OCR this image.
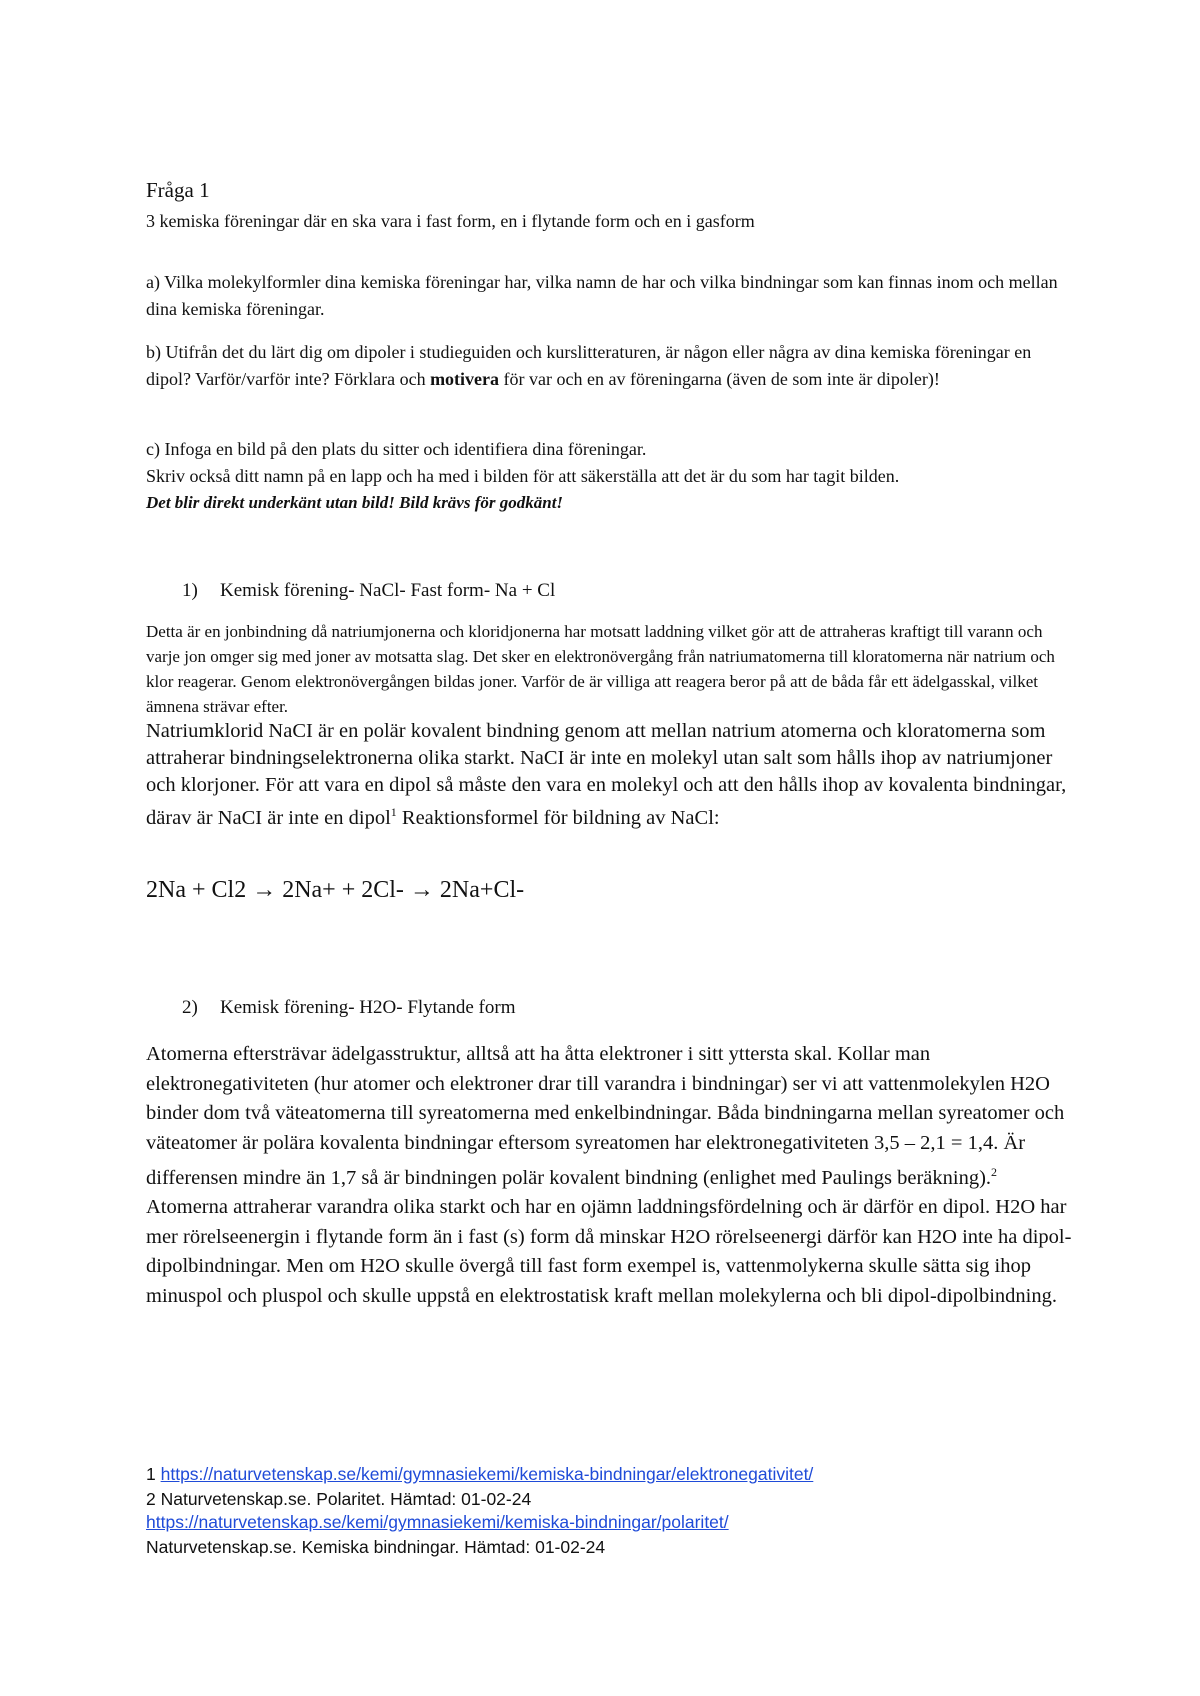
Fråga 1

3 kemiska föreningar där en ska vara i fast form, en i flytande form och en i gasform

a) Vilka molekylformler dina kemiska föreningar har, vilka namn de har och vilka bindningar som kan finnas inom och mellan dina kemiska föreningar.

b) Utifrån det du lärt dig om dipoler i studieguiden och kurslitteraturen, är någon eller några av dina kemiska föreningar en dipol? Varför/varför inte? Förklara och motivera för var och en av föreningarna (även de som inte är dipoler)!

c) Infoga en bild på den plats du sitter och identifiera dina föreningar.

Skriv också ditt namn på en lapp och ha med i bilden för att säkerställa att det är du som har tagit bilden.

Det blir direkt underkänt utan bild! Bild krävs för godkänt!

1) Kemisk förening- NaCl- Fast form- Na + Cl

Detta är en jonbindning då natriumjonerna och kloridjonerna har motsatt laddning vilket gör att de attraheras kraftigt till varann och varje jon omger sig med joner av motsatta slag. Det sker en elektronövergång från natriumatomerna till kloratomerna när natrium och klor reagerar. Genom elektronövergången bildas joner. Varför de är villiga att reagera beror på att de båda får ett ädelgasskal, vilket ämnena strävar efter.

Natriumklorid NaCI är en polär kovalent bindning genom att mellan natrium atomerna och kloratomerna som attraherar bindningselektronerna olika starkt. NaCI är inte en molekyl utan salt som hålls ihop av natriumjoner och klorjoner. För att vara en dipol så måste den vara en molekyl och att den hålls ihop av kovalenta bindningar, därav är NaCI är inte en dipol$^1$ Reaktionsformel för bildning av NaCl:

2Na + Cl2 → 2Na+ + 2Cl- → 2Na+Cl-

2) Kemisk förening- H2O- Flytande form

Atomerna eftersträvar ädelgasstruktur, alltså att ha åtta elektroner i sitt yttersta skal. Kollar man elektronegativiteten (hur atomer och elektroner drar till varandra i bindningar) ser vi att vattenmolekylen H2O binder dom två väteatomerna till syreatomerna med enkelbindningar. Båda bindningarna mellan syreatomer och väteatomer är polära kovalenta bindningar eftersom syreatomen har elektronegativiteten 3,5 – 2,1 = 1,4. Är differensen mindre än 1,7 så är bindningen polär kovalent bindning (enlighet med Paulings beräkning).$^2$ Atomerna attraherar varandra olika starkt och har en ojämn laddningsfördelning och är därför en dipol. H2O har mer rörelseenergin i flytande form än i fast (s) form då minskar H2O rörelseenergi därför kan H2O inte ha dipol-dipolbindningar. Men om H2O skulle övergå till fast form exempel is, vattenmolykerna skulle sätta sig ihop minuspol och pluspol och skulle uppstå en elektrostatisk kraft mellan molekylerna och bli dipol-dipolbindning.

1 https://naturvetenskap.se/kemi/gymnasiekemi/kemiska-bindningar/elektronegativitet/

2 Naturvetenskap.se. Polaritet. Hämtad: 01-02-24

https://naturvetenskap.se/kemi/gymnasiekemi/kemiska-bindningar/polaritet/

Naturvetenskap.se. Kemiska bindningar. Hämtad: 01-02-24
